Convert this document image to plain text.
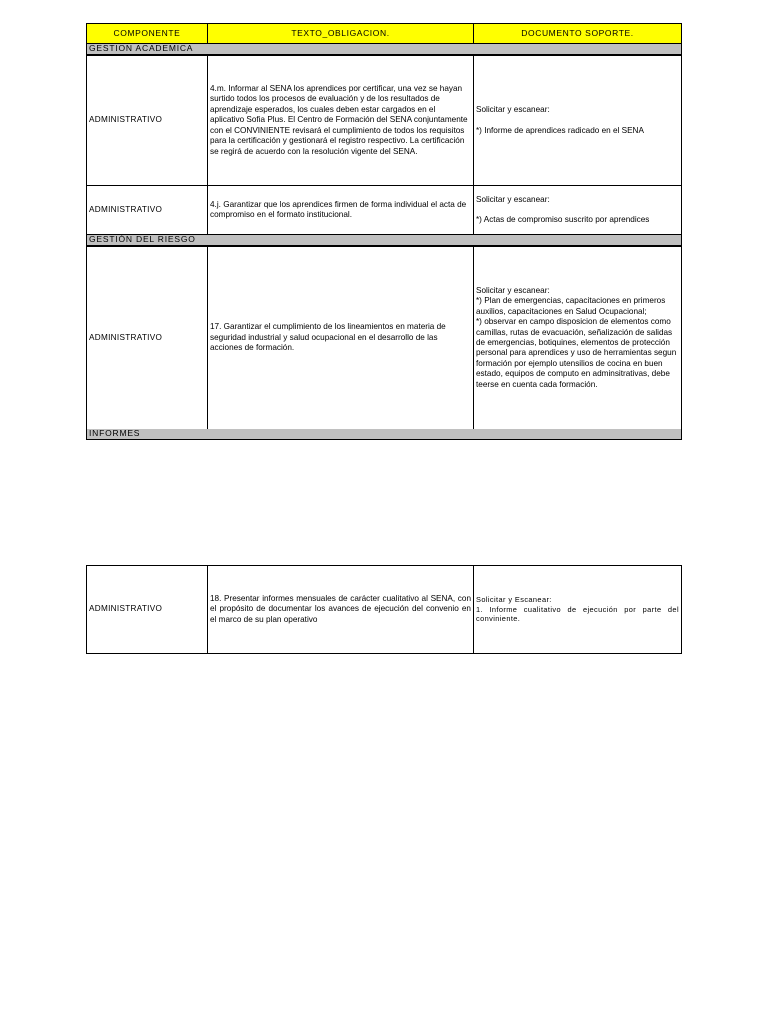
COMPONENTE	TEXTO_OBLIGACION.	DOCUMENTO SOPORTE.
GESTION ACADEMICA
ADMINISTRATIVO
4.m. Informar al SENA los aprendices por certificar, una vez se hayan surtido todos los procesos de evaluación y de los resultados de aprendizaje esperados, los cuales deben estar cargados en el aplicativo Sofia Plus. El Centro de Formación del SENA conjuntamente con el CONVINIENTE revisará el cumplimiento de todos los requisitos para la certificación y gestionará el registro respectivo. La certificación se regirá de acuerdo con la resolución vigente del SENA.
Solicitar y escanear:
*) Informe de aprendices radicado en el SENA
ADMINISTRATIVO
4.j. Garantizar que los aprendices firmen de forma individual el acta de compromiso en el formato institucional.
Solicitar y escanear:
*) Actas de compromiso suscrito por aprendices
GESTIÓN DEL RIESGO
ADMINISTRATIVO
17. Garantizar el cumplimiento de los lineamientos en materia de seguridad industrial y salud ocupacional en el desarrollo de las acciones de formación.
Solicitar y escanear:
*) Plan de emergencias, capacitaciones en primeros auxilios, capacitaciones en Salud Ocupacional;
*) observar en campo disposicion de elementos como camillas, rutas de evacuación, señalización de salidas de emergencias, botiquines, elementos de protección personal para aprendices y uso de herramientas segun formación por ejemplo utensilios de cocina en buen estado, equipos de computo en adminsitrativas, debe teerse en cuenta cada formación.
INFORMES
ADMINISTRATIVO
18. Presentar informes mensuales de carácter cualitativo al SENA, con el propósito de documentar los avances de ejecución del convenio en el marco de su plan operativo
Solicitar y Escanear:
1. Informe cualitativo de ejecución por parte del conviniente.
